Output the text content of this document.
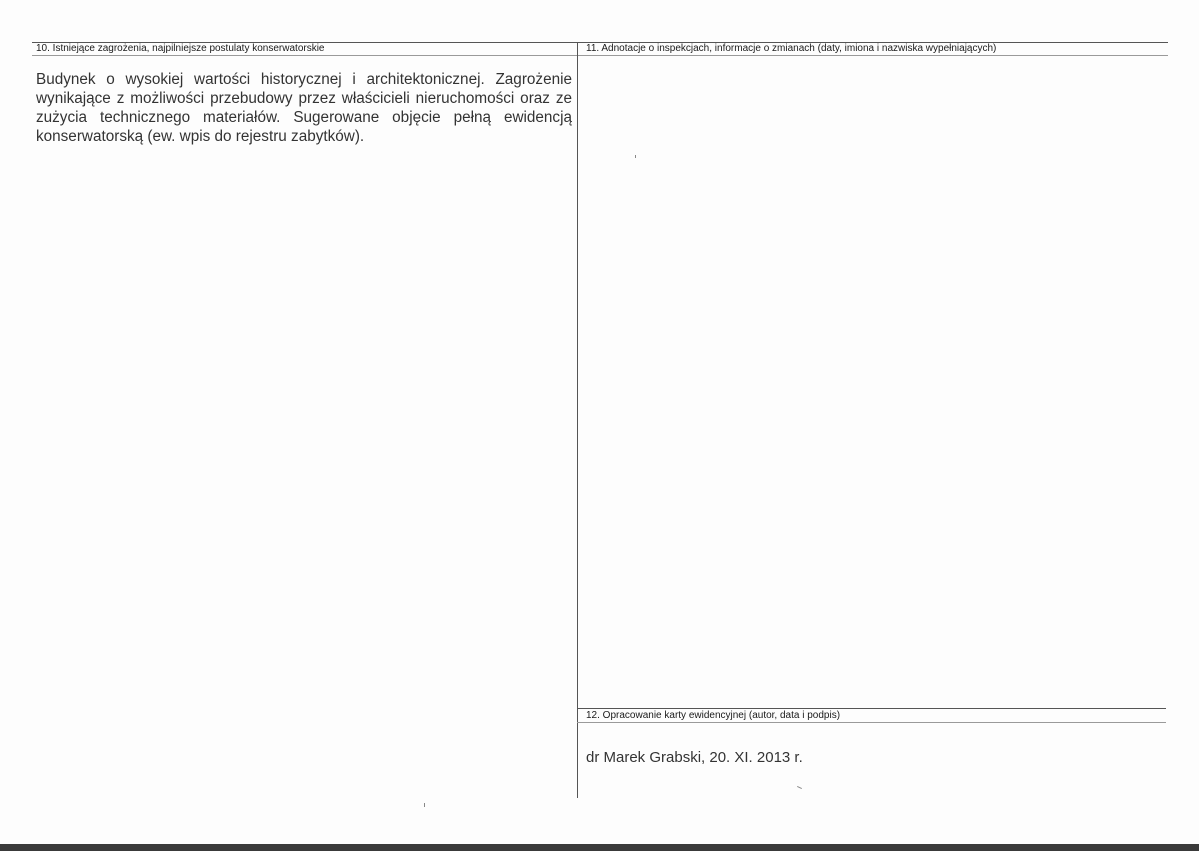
10. Istniejące zagrożenia, najpilniejsze postulaty konserwatorskie
Budynek o wysokiej wartości historycznej i architektonicznej. Zagrożenie wynikające z możliwości przebudowy przez właścicieli nieruchomości oraz ze zużycia technicznego materiałów. Sugerowane objęcie pełną ewidencją konserwatorską (ew. wpis do rejestru zabytków).
11. Adnotacje o inspekcjach, informacje o zmianach (daty, imiona i nazwiska wypełniających)
12. Opracowanie karty ewidencyjnej (autor, data i podpis)
dr Marek Grabski, 20. XI. 2013 r.
